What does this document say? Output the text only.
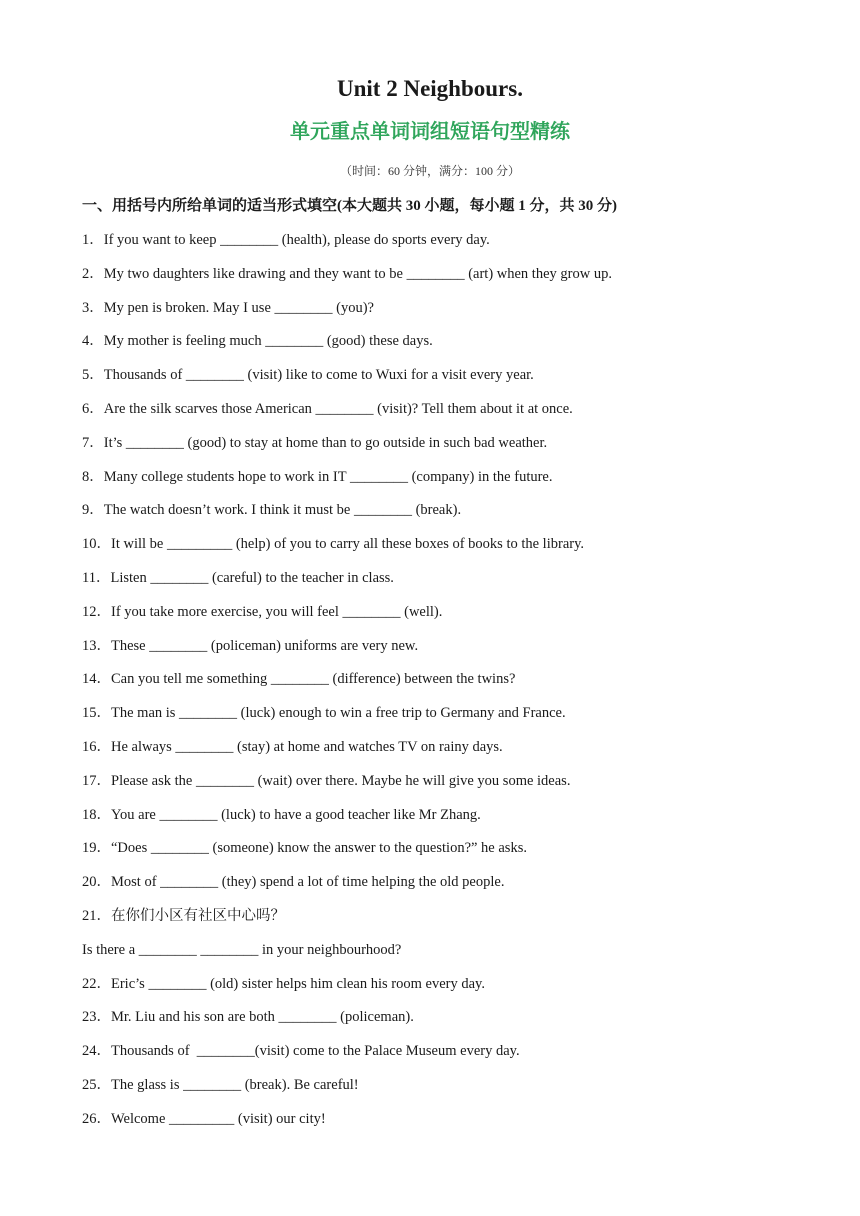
Unit 2 Neighbours.
单元重点单词词组短语句型精练
（时间：60 分钟，满分：100 分）
一、用括号内所给单词的适当形式填空(本大题共 30 小题，每小题 1 分，共 30 分)
1．If you want to keep ________ (health), please do sports every day.
2．My two daughters like drawing and they want to be ________ (art) when they grow up.
3．My pen is broken. May I use ________ (you)?
4．My mother is feeling much ________ (good) these days.
5．Thousands of ________ (visit) like to come to Wuxi for a visit every year.
6．Are the silk scarves those American ________ (visit)? Tell them about it at once.
7．It’s ________ (good) to stay at home than to go outside in such bad weather.
8．Many college students hope to work in IT ________ (company) in the future.
9．The watch doesn’t work. I think it must be ________ (break).
10．It will be _________ (help) of you to carry all these boxes of books to the library.
11．Listen ________ (careful) to the teacher in class.
12．If you take more exercise, you will feel ________ (well).
13．These ________ (policeman) uniforms are very new.
14．Can you tell me something ________ (difference) between the twins?
15．The man is ________ (luck) enough to win a free trip to Germany and France.
16．He always ________ (stay) at home and watches TV on rainy days.
17．Please ask the ________ (wait) over there. Maybe he will give you some ideas.
18．You are ________ (luck) to have a good teacher like Mr Zhang.
19．“Does ________ (someone) know the answer to the question?” he asks.
20．Most of ________ (they) spend a lot of time helping the old people.
21．在你们小区有社区中心吗？
Is there a ________ ________ in your neighbourhood?
22．Eric’s ________ (old) sister helps him clean his room every day.
23．Mr. Liu and his son are both ________ (policeman).
24．Thousands of  ________(visit) come to the Palace Museum every day.
25．The glass is ________ (break). Be careful!
26．Welcome _________ (visit) our city!
